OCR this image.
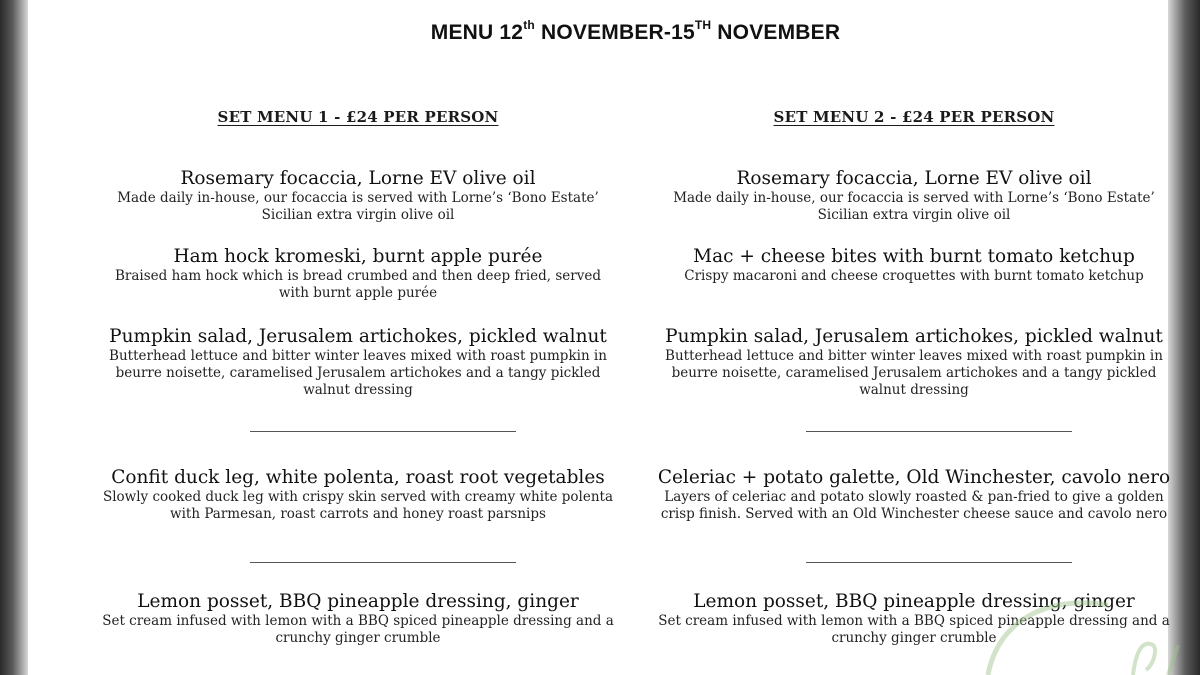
MENU 12th NOVEMBER-15TH NOVEMBER
SET MENU 1 - £24 PER PERSON
Rosemary focaccia, Lorne EV olive oil
Made daily in-house, our focaccia is served with Lorne’s ‘Bono Estate’ Sicilian extra virgin olive oil
Ham hock kromeski, burnt apple purée
Braised ham hock which is bread crumbed and then deep fried, served with burnt apple purée
Pumpkin salad, Jerusalem artichokes, pickled walnut
Butterhead lettuce and bitter winter leaves mixed with roast pumpkin in beurre noisette, caramelised Jerusalem artichokes and a tangy pickled walnut dressing
Confit duck leg, white polenta, roast root vegetables
Slowly cooked duck leg with crispy skin served with creamy white polenta with Parmesan, roast carrots and honey roast parsnips
Lemon posset, BBQ pineapple dressing, ginger
Set cream infused with lemon with a BBQ spiced pineapple dressing and a crunchy ginger crumble
SET MENU 2 - £24 PER PERSON
Rosemary focaccia, Lorne EV olive oil
Made daily in-house, our focaccia is served with Lorne’s ‘Bono Estate’ Sicilian extra virgin olive oil
Mac + cheese bites with burnt tomato ketchup
Crispy macaroni and cheese croquettes with burnt tomato ketchup
Pumpkin salad, Jerusalem artichokes, pickled walnut
Butterhead lettuce and bitter winter leaves mixed with roast pumpkin in beurre noisette, caramelised Jerusalem artichokes and a tangy pickled walnut dressing
Celeriac + potato galette, Old Winchester, cavolo nero
Layers of celeriac and potato slowly roasted & pan-fried to give a golden crisp finish. Served with an Old Winchester cheese sauce and cavolo nero
Lemon posset, BBQ pineapple dressing, ginger
Set cream infused with lemon with a BBQ spiced pineapple dressing and a crunchy ginger crumble
